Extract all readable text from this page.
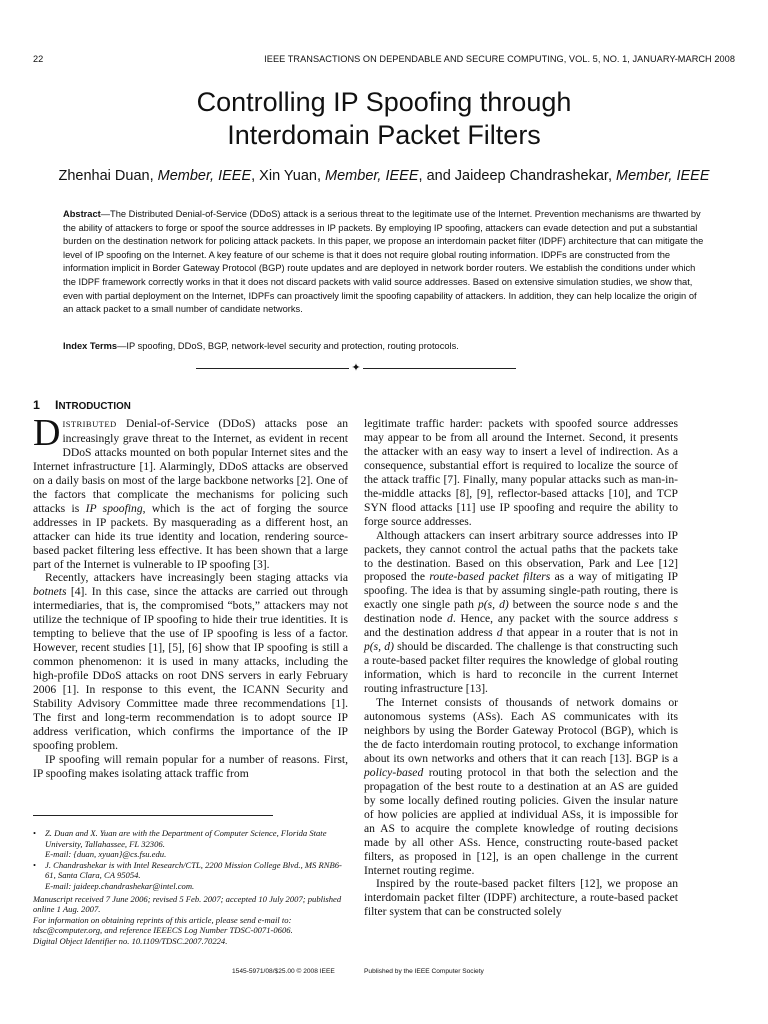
22	IEEE TRANSACTIONS ON DEPENDABLE AND SECURE COMPUTING, VOL. 5, NO. 1, JANUARY-MARCH 2008
Controlling IP Spoofing through
Interdomain Packet Filters
Zhenhai Duan, Member, IEEE, Xin Yuan, Member, IEEE, and Jaideep Chandrashekar, Member, IEEE
Abstract—The Distributed Denial-of-Service (DDoS) attack is a serious threat to the legitimate use of the Internet. Prevention mechanisms are thwarted by the ability of attackers to forge or spoof the source addresses in IP packets. By employing IP spoofing, attackers can evade detection and put a substantial burden on the destination network for policing attack packets. In this paper, we propose an interdomain packet filter (IDPF) architecture that can mitigate the level of IP spoofing on the Internet. A key feature of our scheme is that it does not require global routing information. IDPFs are constructed from the information implicit in Border Gateway Protocol (BGP) route updates and are deployed in network border routers. We establish the conditions under which the IDPF framework correctly works in that it does not discard packets with valid source addresses. Based on extensive simulation studies, we show that, even with partial deployment on the Internet, IDPFs can proactively limit the spoofing capability of attackers. In addition, they can help localize the origin of an attack packet to a small number of candidate networks.
Index Terms—IP spoofing, DDoS, BGP, network-level security and protection, routing protocols.
✦
1 INTRODUCTION

DISTRIBUTED Denial-of-Service (DDoS) attacks pose an increasingly grave threat to the Internet, as evident in recent DDoS attacks mounted on both popular Internet sites and the Internet infrastructure [1]. Alarmingly, DDoS attacks are observed on a daily basis on most of the large backbone networks [2]. One of the factors that complicate the mechanisms for policing such attacks is IP spoofing, which is the act of forging the source addresses in IP packets. By masquerading as a different host, an attacker can hide its true identity and location, rendering source-based packet filtering less effective. It has been shown that a large part of the Internet is vulnerable to IP spoofing [3].

Recently, attackers have increasingly been staging attacks via botnets [4]. In this case, since the attacks are carried out through intermediaries, that is, the compromised “bots,” attackers may not utilize the technique of IP spoofing to hide their true identities. It is tempting to believe that the use of IP spoofing is less of a factor. However, recent studies [1], [5], [6] show that IP spoofing is still a common phenomenon: it is used in many attacks, including the high-profile DDoS attacks on root DNS servers in early February 2006 [1]. In response to this event, the ICANN Security and Stability Advisory Committee made three recommendations [1]. The first and long-term recommendation is to adopt source IP address verification, which confirms the importance of the IP spoofing problem.

IP spoofing will remain popular for a number of reasons. First, IP spoofing makes isolating attack traffic from

legitimate traffic harder: packets with spoofed source addresses may appear to be from all around the Internet. Second, it presents the attacker with an easy way to insert a level of indirection. As a consequence, substantial effort is required to localize the source of the attack traffic [7]. Finally, many popular attacks such as man-in-the-middle attacks [8], [9], reflector-based attacks [10], and TCP SYN flood attacks [11] use IP spoofing and require the ability to forge source addresses.

Although attackers can insert arbitrary source addresses into IP packets, they cannot control the actual paths that the packets take to the destination. Based on this observation, Park and Lee [12] proposed the route-based packet filters as a way of mitigating IP spoofing. The idea is that by assuming single-path routing, there is exactly one single path p(s, d) between the source node s and the destination node d. Hence, any packet with the source address s and the destination address d that appear in a router that is not in p(s, d) should be discarded. The challenge is that constructing such a route-based packet filter requires the knowledge of global routing information, which is hard to reconcile in the current Internet routing infrastructure [13].

The Internet consists of thousands of network domains or autonomous systems (ASs). Each AS communicates with its neighbors by using the Border Gateway Protocol (BGP), which is the de facto interdomain routing protocol, to exchange information about its own networks and others that it can reach [13]. BGP is a policy-based routing protocol in that both the selection and the propagation of the best route to a destination at an AS are guided by some locally defined routing policies. Given the insular nature of how policies are applied at individual ASs, it is impossible for an AS to acquire the complete knowledge of routing decisions made by all other ASs. Hence, constructing route-based packet filters, as proposed in [12], is an open challenge in the current Internet routing regime.

Inspired by the route-based packet filters [12], we propose an interdomain packet filter (IDPF) architecture, a route-based packet filter system that can be constructed solely

• Z. Duan and X. Yuan are with the Department of Computer Science, Florida State University, Tallahassee, FL 32306.
E-mail: {duan, xyuan}@cs.fsu.edu.
• J. Chandrashekar is with Intel Research/CTL, 2200 Mission College Blvd., MS RNB6-61, Santa Clara, CA 95054.
E-mail: jaideep.chandrashekar@intel.com.
Manuscript received 7 June 2006; revised 5 Feb. 2007; accepted 10 July 2007; published online 1 Aug. 2007.
For information on obtaining reprints of this article, please send e-mail to: tdsc@computer.org, and reference IEEECS Log Number TDSC-0071-0606.
Digital Object Identifier no. 10.1109/TDSC.2007.70224.
1545-5971/08/$25.00 © 2008 IEEE	Published by the IEEE Computer Society
